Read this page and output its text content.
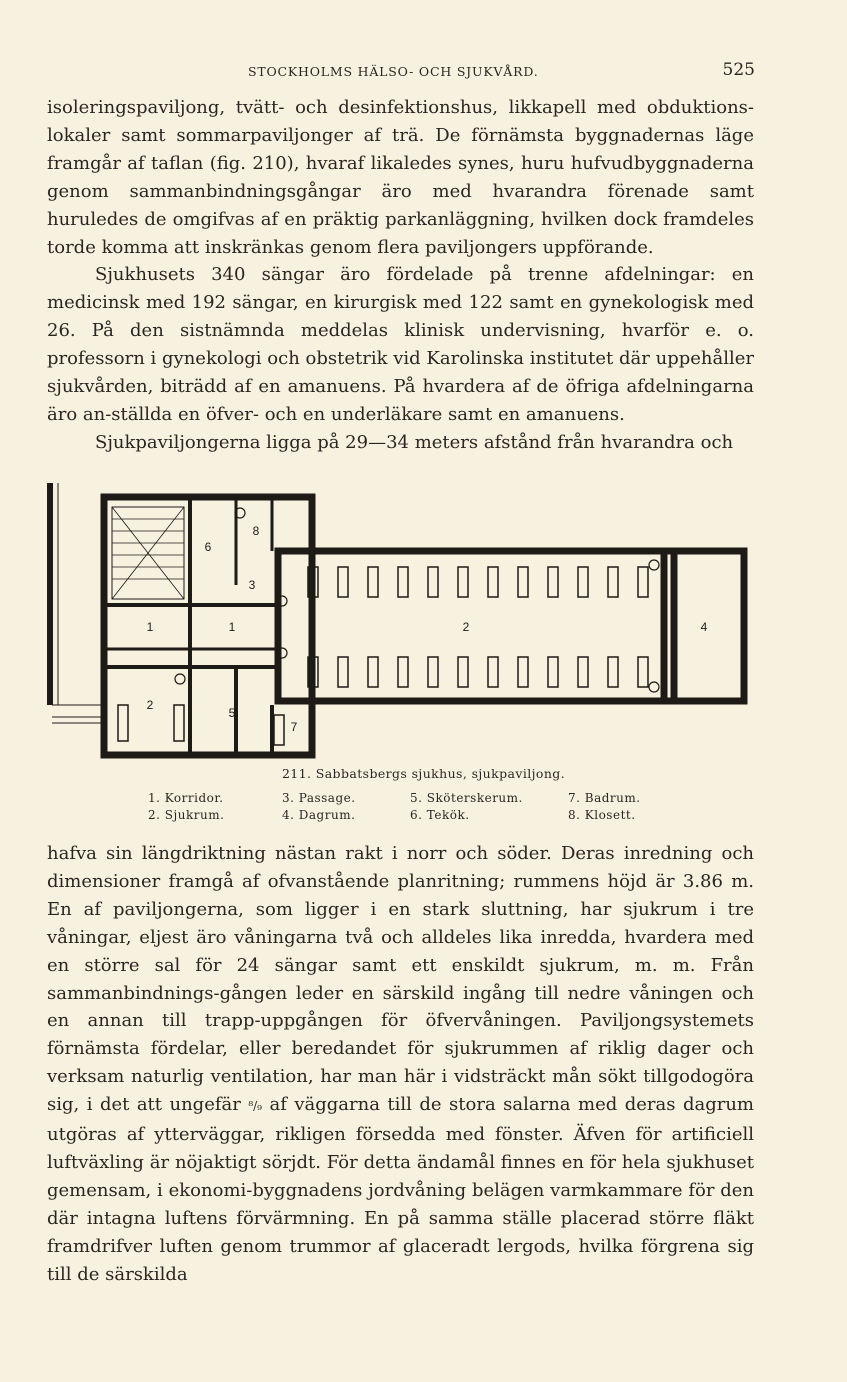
STOCKHOLMS HÄLSO- OCH SJUKVÅRD.	525

isoleringspaviljong, tvätt- och desinfektionshus, likkapell med obduktions-lokaler samt sommarpaviljonger af trä. De förnämsta byggnadernas läge framgår af taflan (fig. 210), hvaraf likaledes synes, huru hufvudbyggnaderna genom sammanbindningsgångar äro med hvarandra förenade samt huruledes de omgifvas af en präktig parkanläggning, hvilken dock framdeles torde komma att inskränkas genom flera paviljongers uppförande.

Sjukhusets 340 sängar äro fördelade på trenne afdelningar: en medicinsk med 192 sängar, en kirurgisk med 122 samt en gynekologisk med 26. På den sistnämnda meddelas klinisk undervisning, hvarför e. o. professorn i gynekologi och obstetrik vid Karolinska institutet där uppehåller sjukvården, biträdd af en amanuens. På hvardera af de öfriga afdelningarna äro an-ställda en öfver- och en underläkare samt en amanuens.

Sjukpaviljongerna ligga på 29—34 meters afstånd från hvarandra och

1	1	2
2
3
4
5
6
7
8
211. Sabbatsbergs sjukhus, sjukpaviljong.
1. Korridor.
2. Sjukrum.
3. Passage.
4. Dagrum.
5. Sköterskerum.
6. Tekök.
7. Badrum.
8. Klosett.

hafva sin längdriktning nästan rakt i norr och söder. Deras inredning och dimensioner framgå af ofvanstående planritning; rummens höjd är 3.86 m. En af paviljongerna, som ligger i en stark sluttning, har sjukrum i tre våningar, eljest äro våningarna två och alldeles lika inredda, hvardera med en större sal för 24 sängar samt ett enskildt sjukrum, m. m. Från sammanbindnings-gången leder en särskild ingång till nedre våningen och en annan till trapp-uppgången för öfvervåningen. Paviljongsystemets förnämsta fördelar, eller beredandet för sjukrummen af riklig dager och verksam naturlig ventilation, har man här i vidsträckt mån sökt tillgodogöra sig, i det att ungefär ⁸/₉ af väggarna till de stora salarna med deras dagrum utgöras af ytterväggar, rikligen försedda med fönster. Äfven för artificiell luftväxling är nöjaktigt sörjdt. För detta ändamål finnes en för hela sjukhuset gemensam, i ekonomi-byggnadens jordvåning belägen varmkammare för den där intagna luftens förvärmning. En på samma ställe placerad större fläkt framdrifver luften genom trummor af glaceradt lergods, hvilka förgrena sig till de särskilda
